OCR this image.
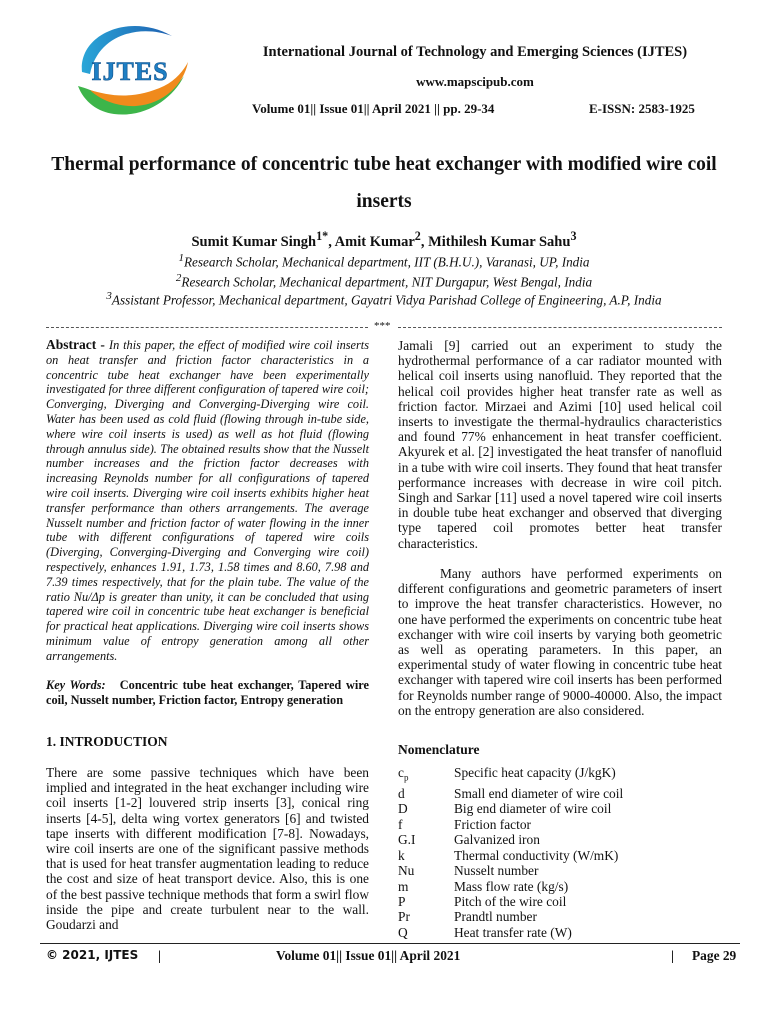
IJTES
International Journal of Technology and Emerging Sciences (IJTES)
www.mapscipub.com
Volume 01|| Issue 01|| April 2021 || pp. 29-34	E-ISSN: 2583-1925
Thermal performance of concentric tube heat exchanger with modified wire coil inserts
Sumit Kumar Singh$^{1*}$, Amit Kumar$^2$, Mithilesh Kumar Sahu$^3$
$^1$Research Scholar, Mechanical department, IIT (B.H.U.), Varanasi, UP, India
$^2$Research Scholar, Mechanical department, NIT Durgapur, West Bengal, India
$^3$Assistant Professor, Mechanical department, Gayatri Vidya Parishad College of Engineering, A.P, India
***
Abstract - In this paper, the effect of modified wire coil inserts on heat transfer and friction factor characteristics in a concentric tube heat exchanger have been experimentally investigated for three different configuration of tapered wire coil; Converging, Diverging and Converging-Diverging wire coil. Water has been used as cold fluid (flowing through in-tube side, where wire coil inserts is used) as well as hot fluid (flowing through annulus side). The obtained results show that the Nusselt number increases and the friction factor decreases with increasing Reynolds number for all configurations of tapered wire coil inserts. Diverging wire coil inserts exhibits higher heat transfer performance than others arrangements. The average Nusselt number and friction factor of water flowing in the inner tube with different configurations of tapered wire coils (Diverging, Converging-Diverging and Converging wire coil) respectively, enhances 1.91, 1.73, 1.58 times and 8.60, 7.98 and 7.39 times respectively, that for the plain tube. The value of the ratio Nu/Δp is greater than unity, it can be concluded that using tapered wire coil in concentric tube heat exchanger is beneficial for practical heat applications. Diverging wire coil inserts shows minimum value of entropy generation among all other arrangements.
Key Words:   Concentric tube heat exchanger, Tapered wire coil, Nusselt number, Friction factor, Entropy generation
1. INTRODUCTION

There are some passive techniques which have been implied and integrated in the heat exchanger including wire coil inserts [1-2] louvered strip inserts [3], conical ring inserts [4-5], delta wing vortex generators [6] and twisted tape inserts with different modification [7-8]. Nowadays, wire coil inserts are one of the significant passive methods that is used for heat transfer augmentation leading to reduce the cost and size of heat transport device. Also, this is one of the best passive technique methods that form a swirl flow inside the pipe and create turbulent near to the wall. Goudarzi and

Jamali [9] carried out an experiment to study the hydrothermal performance of a car radiator mounted with helical coil inserts using nanofluid. They reported that the helical coil provides higher heat transfer rate as well as friction factor. Mirzaei and Azimi [10] used helical coil inserts to investigate the thermal-hydraulics characteristics and found 77% enhancement in heat transfer coefficient. Akyurek et al. [2] investigated the heat transfer of nanofluid in a tube with wire coil inserts. They found that heat transfer performance increases with decrease in wire coil pitch. Singh and Sarkar [11] used a novel tapered wire coil inserts in double tube heat exchanger and observed that diverging type tapered coil promotes better heat transfer characteristics.

Many authors have performed experiments on different configurations and geometric parameters of insert to improve the heat transfer characteristics. However, no one have performed the experiments on concentric tube heat exchanger with wire coil inserts by varying both geometric as well as operating parameters. In this paper, an experimental study of water flowing in concentric tube heat exchanger with tapered wire coil inserts has been performed for Reynolds number range of 9000-40000. Also, the impact on the entropy generation are also considered.

Nomenclature
$c_p$	Specific heat capacity (J/kgK)
d	Small end diameter of wire coil
D	Big end diameter of wire coil
f	Friction factor
G.I	Galvanized iron
k	Thermal conductivity (W/mK)
Nu	Nusselt number
m	Mass flow rate (kg/s)
P	Pitch of the wire coil
Pr	Prandtl number
Q	Heat transfer rate (W)
© 2021, IJTES |	Volume 01|| Issue 01|| April 2021	| Page 29
